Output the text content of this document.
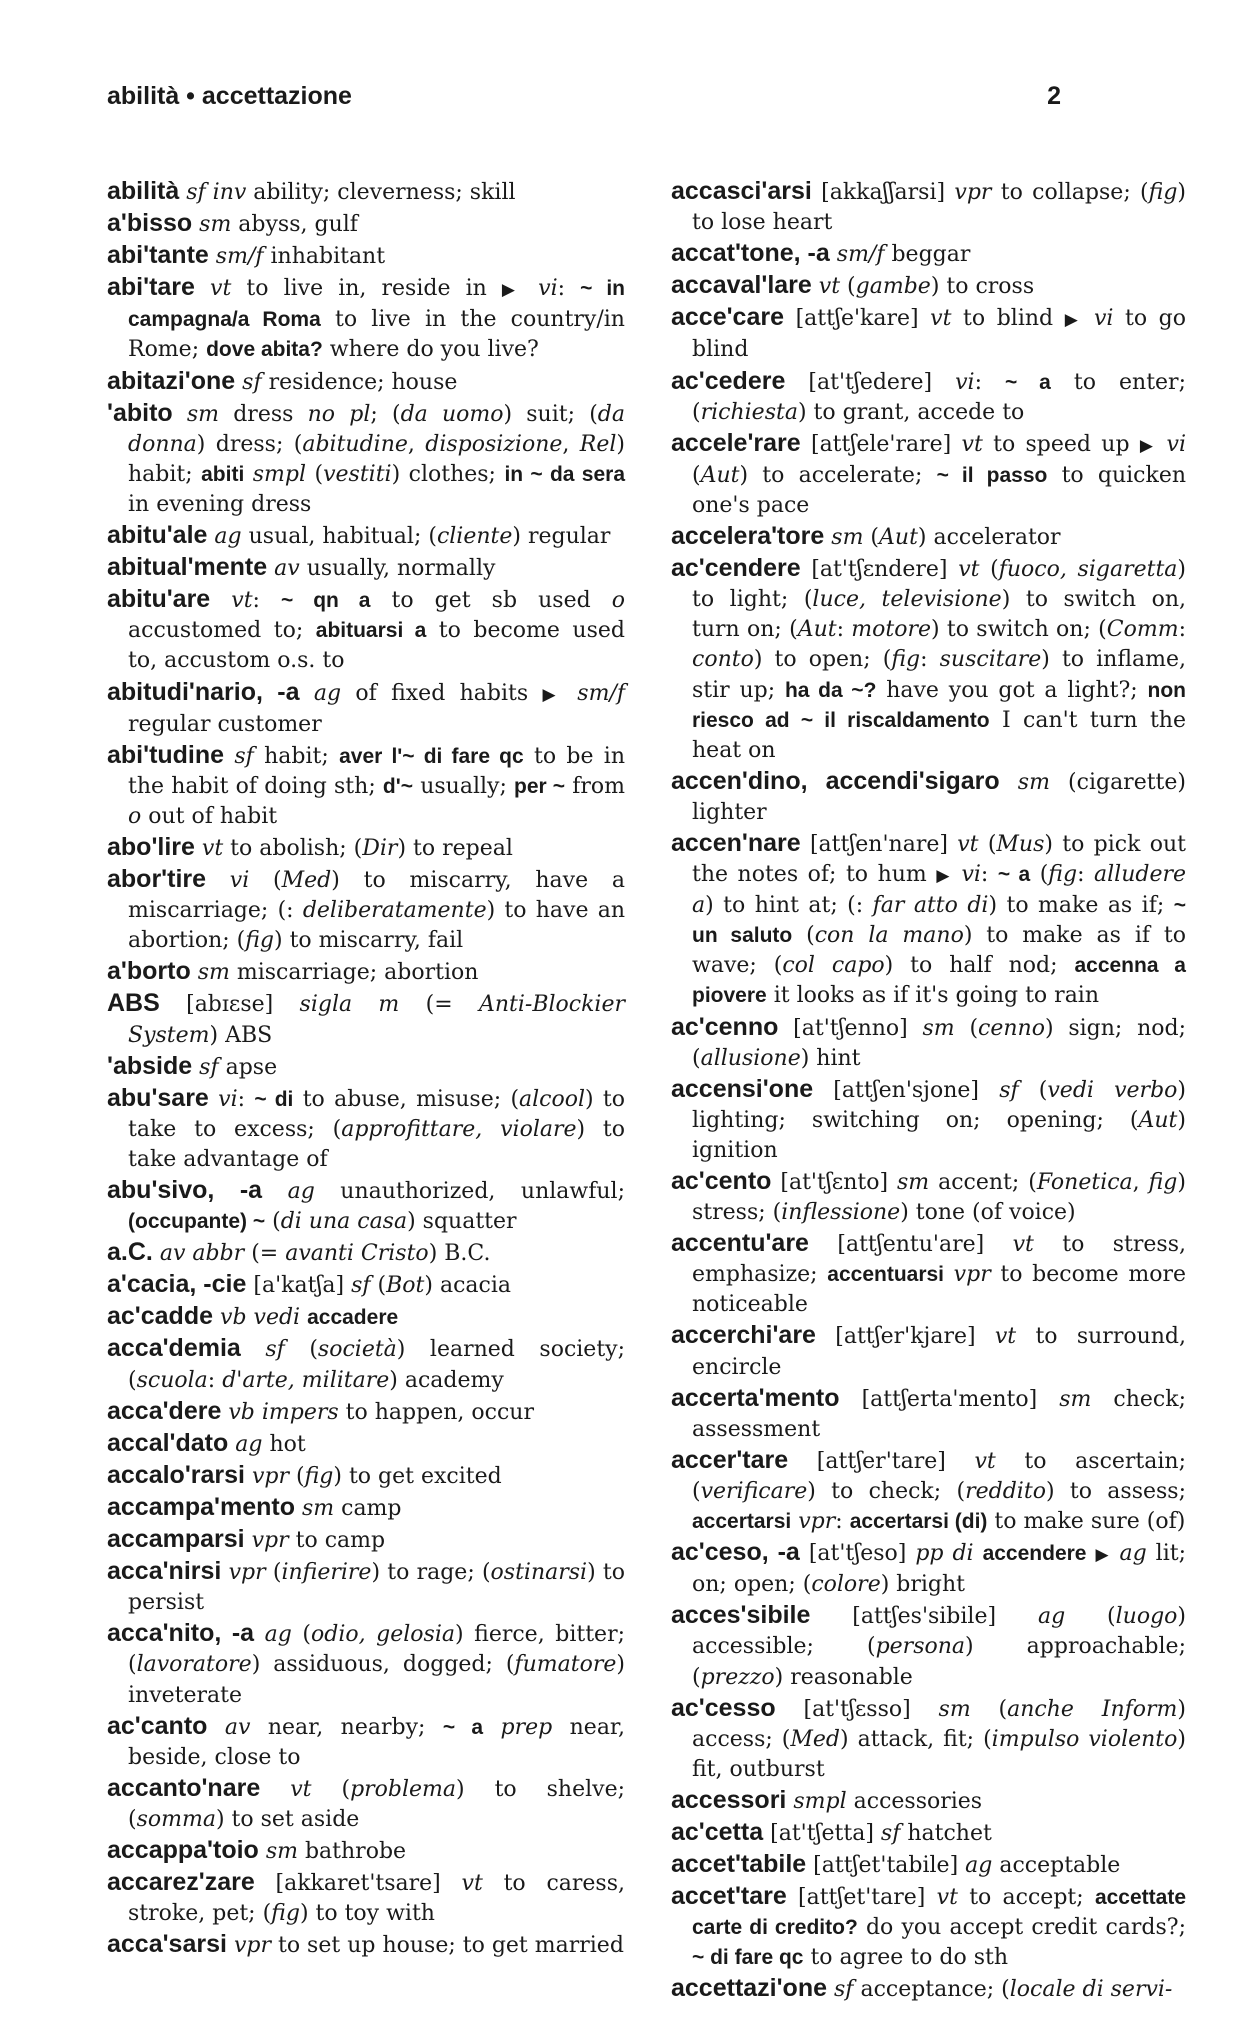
abilità • accettazione	2

abilità sf inv ability; cleverness; skill

a'bisso sm abyss, gulf

abi'tante sm/f inhabitant

abi'tare vt to live in, reside in ▶ vi: ~ in campagna/a Roma to live in the country/in Rome; dove abita? where do you live?

abitazi'one sf residence; house

'abito sm dress no pl; (da uomo) suit; (da donna) dress; (abitudine, disposizione, Rel) habit; abiti smpl (vestiti) clothes; in ~ da sera in evening dress

abitu'ale ag usual, habitual; (cliente) regular

abitual'mente av usually, normally

abitu'are vt: ~ qn a to get sb used o accustomed to; abituarsi a to become used to, accustom o.s. to

abitudi'nario, -a ag of fixed habits ▶ sm/f regular customer

abi'tudine sf habit; aver l'~ di fare qc to be in the habit of doing sth; d'~ usually; per ~ from o out of habit

abo'lire vt to abolish; (Dir) to repeal

abor'tire vi (Med) to miscarry, have a miscarriage; (: deliberatamente) to have an abortion; (fig) to miscarry, fail

a'borto sm miscarriage; abortion

ABS [abɪɛse] sigla m (= Anti-Blockier System) ABS

'abside sf apse

abu'sare vi: ~ di to abuse, misuse; (alcool) to take to excess; (approfittare, violare) to take advantage of

abu'sivo, -a ag unauthorized, unlawful; (occupante) ~ (di una casa) squatter

a.C. av abbr (= avanti Cristo) B.C.

a'cacia, -cie [a'katʃa] sf (Bot) acacia

ac'cadde vb vedi accadere

acca'demia sf (società) learned society; (scuola: d'arte, militare) academy

acca'dere vb impers to happen, occur

accal'dato ag hot

accalo'rarsi vpr (fig) to get excited

accampa'mento sm camp

accamparsi vpr to camp

acca'nirsi vpr (infierire) to rage; (ostinarsi) to persist

acca'nito, -a ag (odio, gelosia) fierce, bitter; (lavoratore) assiduous, dogged; (fumatore) inveterate

ac'canto av near, nearby; ~ a prep near, beside, close to

accanto'nare vt (problema) to shelve; (somma) to set aside

accappa'toio sm bathrobe

accarez'zare [akkaret'tsare] vt to caress, stroke, pet; (fig) to toy with

acca'sarsi vpr to set up house; to get married

accasci'arsi [akkaʃʃarsi] vpr to collapse; (fig) to lose heart

accat'tone, -a sm/f beggar

accaval'lare vt (gambe) to cross

acce'care [attʃe'kare] vt to blind ▶ vi to go blind

ac'cedere [at'tʃedere] vi: ~ a to enter; (richiesta) to grant, accede to

accele'rare [attʃele'rare] vt to speed up ▶ vi (Aut) to accelerate; ~ il passo to quicken one's pace

accelera'tore sm (Aut) accelerator

ac'cendere [at'tʃɛndere] vt (fuoco, sigaretta) to light; (luce, televisione) to switch on, turn on; (Aut: motore) to switch on; (Comm: conto) to open; (fig: suscitare) to inflame, stir up; ha da ~? have you got a light?; non riesco ad ~ il riscaldamento I can't turn the heat on

accen'dino, accendi'sigaro sm (cigarette) lighter

accen'nare [attʃen'nare] vt (Mus) to pick out the notes of; to hum ▶ vi: ~ a (fig: alludere a) to hint at; (: far atto di) to make as if; ~ un saluto (con la mano) to make as if to wave; (col capo) to half nod; accenna a piovere it looks as if it's going to rain

ac'cenno [at'tʃenno] sm (cenno) sign; nod; (allusione) hint

accensi'one [attʃen'sjone] sf (vedi verbo) lighting; switching on; opening; (Aut) ignition

ac'cento [at'tʃɛnto] sm accent; (Fonetica, fig) stress; (inflessione) tone (of voice)

accentu'are [attʃentu'are] vt to stress, emphasize; accentuarsi vpr to become more noticeable

accerchi'are [attʃer'kjare] vt to surround, encircle

accerta'mento [attʃerta'mento] sm check; assessment

accer'tare [attʃer'tare] vt to ascertain; (verificare) to check; (reddito) to assess; accertarsi vpr: accertarsi (di) to make sure (of)

ac'ceso, -a [at'tʃeso] pp di accendere ▶ ag lit; on; open; (colore) bright

acces'sibile [attʃes'sibile] ag (luogo) accessible; (persona) approachable; (prezzo) reasonable

ac'cesso [at'tʃɛsso] sm (anche Inform) access; (Med) attack, fit; (impulso violento) fit, outburst

accessori smpl accessories

ac'cetta [at'tʃetta] sf hatchet

accet'tabile [attʃet'tabile] ag acceptable

accet'tare [attʃet'tare] vt to accept; accettate carte di credito? do you accept credit cards?; ~ di fare qc to agree to do sth

accettazi'one sf acceptance; (locale di servi-
